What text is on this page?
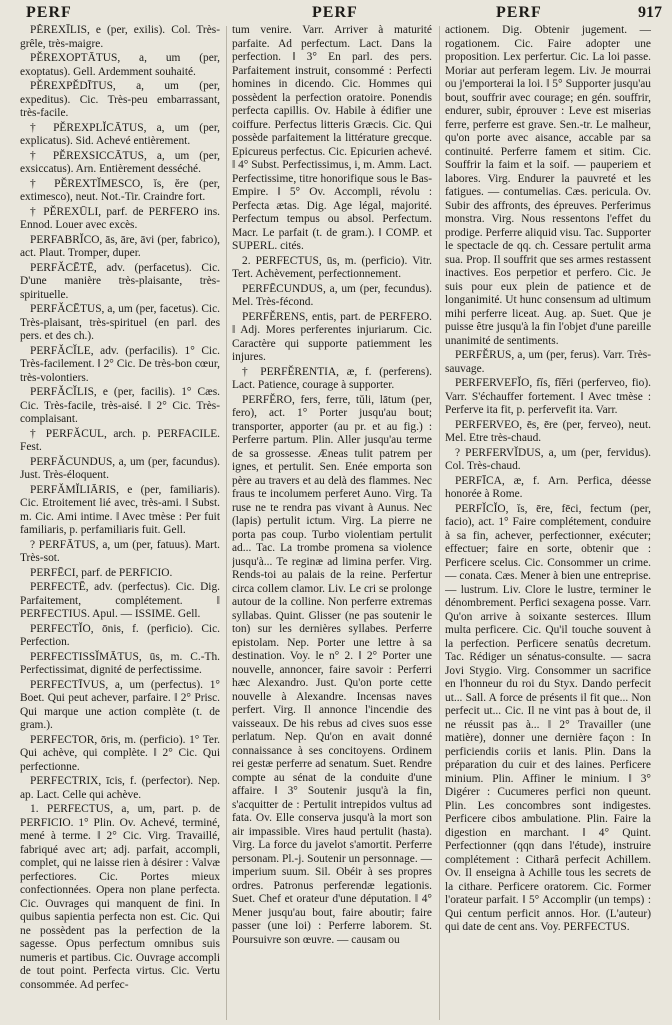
PERF	PERF	PERF	917

PĔREXĪLIS, e (per, exilis). Col. Très-grêle, très-maigre.

PĔREXOPTĀTUS, a, um (per, exoptatus). Gell. Ardemment souhaité.

PĔREXPĔDĪTUS, a, um (per, expeditus). Cic. Très-peu embarrassant, très-facile.

† PĔREXPLĬCĀTUS, a, um (per, explicatus). Sid. Achevé entièrement.

† PĔREXSICCĀTUS, a, um (per, exsiccatus). Arn. Entièrement desséché.

† PĔREXTĬMESCO, ĭs, ĕre (per, extimesco), neut. Not.-Tir. Craindre fort.

† PĔREXŪLI, parf. de PERFERO ins. Ennod. Louer avec excès.

PERFABRĬCO, ās, āre, āvi (per, fabrico), act. Plaut. Tromper, duper.

PERFĂCĒTĒ, adv. (perfacetus). Cic. D'une manière très-plaisante, très-spirituelle.

PERFĂCĒTUS, a, um (per, facetus). Cic. Très-plaisant, très-spirituel (en parl. des pers. et des ch.).

PERFĂCĬLE, adv. (perfacilis). 1° Cic. Très-facilement. ‖ 2° Cic. De très-bon cœur, très-volontiers.

PERFĂCĬLIS, e (per, facilis). 1° Cæs. Cic. Très-facile, très-aisé. ‖ 2° Cic. Très-complaisant.

† PERFĂCUL, arch. p. PERFACILE. Fest.

PERFĂCUNDUS, a, um (per, facundus). Just. Très-éloquent.

PERFĂMĬLIĀRIS, e (per, familiaris). Cic. Etroitement lié avec, très-ami. ‖ Subst. m. Cic. Ami intime. ‖ Avec tmèse : Per fuit familiaris, p. perfamiliaris fuit. Gell.

? PERFĀTUS, a, um (per, fatuus). Mart. Très-sot.

PERFĒCI, parf. de PERFICIO.

PERFECTĒ, adv. (perfectus). Cic. Dig. Parfaitement, complétement. ‖ PERFECTIUS. Apul. — ISSIME. Gell.

PERFECTĬO, ōnis, f. (perficio). Cic. Perfection.

PERFECTISSĬMĀTUS, ūs, m. C.-Th. Perfectissimat, dignité de perfectissime.

PERFECTĪVUS, a, um (perfectus). 1° Boet. Qui peut achever, parfaire. ‖ 2° Prisc. Qui marque une action complète (t. de gram.).

PERFECTOR, ōris, m. (perficio). 1° Ter. Qui achève, qui complète. ‖ 2° Cic. Qui perfectionne.

PERFECTRIX, īcis, f. (perfector). Nep. ap. Lact. Celle qui achève.

1. PERFECTUS, a, um, part. p. de PERFICIO. 1° Plin. Ov. Achevé, terminé, mené à terme. ‖ 2° Cic. Virg. Travaillé, fabriqué avec art; adj. parfait, accompli, complet, qui ne laisse rien à désirer : Valvæ perfectiores. Cic. Portes mieux confectionnées. Opera non plane perfecta. Cic. Ouvrages qui manquent de fini. In quibus sapientia perfecta non est. Cic. Qui ne possèdent pas la perfection de la sagesse. Opus perfectum omnibus suis numeris et partibus. Cic. Ouvrage accompli de tout point. Perfecta virtus. Cic. Vertu consommée. Ad perfec-

tum venire. Varr. Arriver à maturité parfaite. Ad perfectum. Lact. Dans la perfection. ‖ 3° En parl. des pers. Parfaitement instruit, consommé : Perfecti homines in dicendo. Cic. Hommes qui possèdent la perfection oratoire. Ponendis perfecta capillis. Ov. Habile à édifier une coiffure. Perfectus litteris Græcis. Cic. Qui possède parfaitement la littérature grecque. Epicureus perfectus. Cic. Epicurien achevé. ‖ 4° Subst. Perfectissimus, i, m. Amm. Lact. Perfectissime, titre honorifique sous le Bas-Empire. ‖ 5° Ov. Accompli, révolu : Perfecta ætas. Dig. Age légal, majorité. Perfectum tempus ou absol. Perfectum. Macr. Le parfait (t. de gram.). ‖ COMP. et SUPERL. cités.

2. PERFECTUS, ūs, m. (perficio). Vitr. Tert. Achèvement, perfectionnement.

PERFĒCUNDUS, a, um (per, fecundus). Mel. Très-fécond.

PERFĔRENS, entis, part. de PERFERO. ‖ Adj. Mores perferentes injuriarum. Cic. Caractère qui supporte patiemment les injures.

† PERFĔRENTIA, æ, f. (perferens). Lact. Patience, courage à supporter.

PERFĔRO, fers, ferre, tŭli, lātum (per, fero), act. 1° Porter jusqu'au bout; transporter, apporter (au pr. et au fig.) : Perferre partum. Plin. Aller jusqu'au terme de sa grossesse. Æneas tulit patrem per ignes, et pertulit. Sen. Enée emporta son père au travers et au delà des flammes. Nec fraus te incolumem perferet Auno. Virg. Ta ruse ne te rendra pas vivant à Aunus. Nec (lapis) pertulit ictum. Virg. La pierre ne porta pas coup. Turbo violentiam pertulit ad... Tac. La trombe promena sa violence jusqu'à... Te reginæ ad limina perfer. Virg. Rends-toi au palais de la reine. Perfertur circa collem clamor. Liv. Le cri se prolonge autour de la colline. Non perferre extremas syllabas. Quint. Glisser (ne pas soutenir le ton) sur les dernières syllabes. Perferre epistolam. Nep. Porter une lettre à sa destination. Voy. le n° 2. ‖ 2° Porter une nouvelle, annoncer, faire savoir : Perferri hæc Alexandro. Just. Qu'on porte cette nouvelle à Alexandre. Incensas naves perfert. Virg. Il annonce l'incendie des vaisseaux. De his rebus ad cives suos esse perlatum. Nep. Qu'on en avait donné connaissance à ses concitoyens. Ordinem rei gestæ perferre ad senatum. Suet. Rendre compte au sénat de la conduite d'une affaire. ‖ 3° Soutenir jusqu'à la fin, s'acquitter de : Pertulit intrepidos vultus ad fata. Ov. Elle conserva jusqu'à la mort son air impassible. Vires haud pertulit (hasta). Virg. La force du javelot s'amortit. Perferre personam. Pl.-j. Soutenir un personnage. — imperium suum. Sil. Obéir à ses propres ordres. Patronus perferendæ legationis. Suet. Chef et orateur d'une députation. ‖ 4° Mener jusqu'au bout, faire aboutir; faire passer (une loi) : Perferre laborem. St. Poursuivre son œuvre. — causam ou

actionem. Dig. Obtenir jugement. — rogationem. Cic. Faire adopter une proposition. Lex perfertur. Cic. La loi passe. Moriar aut perferam legem. Liv. Je mourrai ou j'emporterai la loi. ‖ 5° Supporter jusqu'au bout, souffrir avec courage; en gén. souffrir, endurer, subir, éprouver : Leve est miserias ferre, perferre est grave. Sen.-tr. Le malheur, qu'on porte avec aisance, accable par sa continuité. Perferre famem et sitim. Cic. Souffrir la faim et la soif. — pauperiem et labores. Virg. Endurer la pauvreté et les fatigues. — contumelias. Cæs. pericula. Ov. Subir des affronts, des épreuves. Perferimus monstra. Virg. Nous ressentons l'effet du prodige. Perferre aliquid visu. Tac. Supporter le spectacle de qq. ch. Cessare pertulit arma sua. Prop. Il souffrit que ses armes restassent inactives. Eos perpetior et perfero. Cic. Je suis pour eux plein de patience et de longanimité. Ut hunc consensum ad ultimum mihi perferre liceat. Aug. ap. Suet. Que je puisse être jusqu'à la fin l'objet d'une pareille unanimité de sentiments.

PERFĔRUS, a, um (per, ferus). Varr. Très-sauvage.

PERFERVEFĬO, fĭs, fĭĕri (perferveo, fio). Varr. S'échauffer fortement. ‖ Avec tmèse : Perferve ita fit, p. perfervefit ita. Varr.

PERFERVEO, ēs, ēre (per, ferveo), neut. Mel. Etre très-chaud.

? PERFERVĬDUS, a, um (per, fervidus). Col. Très-chaud.

PERFĪCA, æ, f. Arn. Perfica, déesse honorée à Rome.

PERFĬCĬO, ĭs, ēre, fēci, fectum (per, facio), act. 1° Faire complétement, conduire à sa fin, achever, perfectionner, exécuter; effectuer; faire en sorte, obtenir que : Perficere scelus. Cic. Consommer un crime. — conata. Cæs. Mener à bien une entreprise. — lustrum. Liv. Clore le lustre, terminer le dénombrement. Perfici sexagena posse. Varr. Qu'on arrive à soixante sesterces. Illum multa perficere. Cic. Qu'il touche souvent à la perfection. Perficere senatûs decretum. Tac. Rédiger un sénatus-consulte. — sacra Jovi Stygio. Virg. Consommer un sacrifice en l'honneur du roi du Styx. Dando perfecit ut... Sall. A force de présents il fit que... Non perfecit ut... Cic. Il ne vint pas à bout de, il ne réussit pas à... ‖ 2° Travailler (une matière), donner une dernière façon : In perficiendis coriis et lanis. Plin. Dans la préparation du cuir et des laines. Perficere minium. Plin. Affiner le minium. ‖ 3° Digérer : Cucumeres perfici non queunt. Plin. Les concombres sont indigestes. Perficere cibos ambulatione. Plin. Faire la digestion en marchant. ‖ 4° Quint. Perfectionner (qqn dans l'étude), instruire complétement : Citharâ perfecit Achillem. Ov. Il enseigna à Achille tous les secrets de la cithare. Perficere oratorem. Cic. Former l'orateur parfait. ‖ 5° Accomplir (un temps) : Qui centum perficit annos. Hor. (L'auteur) qui date de cent ans. Voy. PERFECTUS.
